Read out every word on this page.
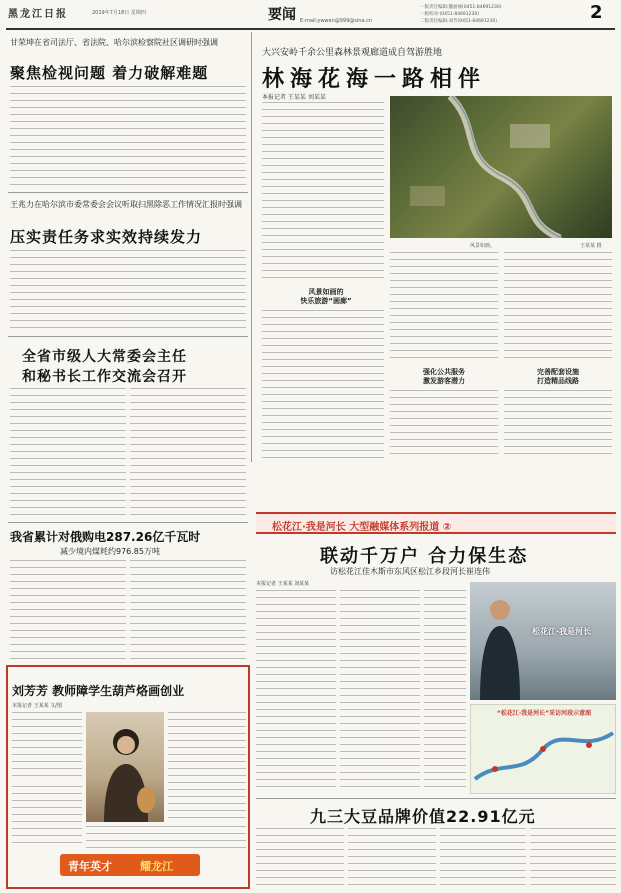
黑龙江日报	2019年7月18日 星期四	要闻	一版责任编辑:魏丽丽(0451-84691230)
一版校对:(0451-84691230)
E-mail:ywwen@999@sina.cn	二版责任编辑:刘芳(0451-84691230)	2
甘荣坤在省司法厅、省法院、哈尔滨检察院社区调研时强调
聚焦检视问题 着力破解难题
王兆力在哈尔滨市委常委会会议听取扫黑除恶工作情况汇报时强调
压实责任务求实效持续发力
全省市级人大常委会主任
和秘书长工作交流会召开
大兴安岭千余公里森林景观廊道成自驾游胜地
林海花海一路相伴
本报记者 王某某 刘某某
风景如画。	王某某 摄
风景如画的
快乐旅游“画廊”
强化公共服务
激发游客潜力
完善配套设施
打造精品线路
我省累计对俄购电287.26亿千瓦时
减少境内煤耗约976.85万吨
刘芳芳 教师障学生葫芦烙画创业
本报记者 王某某 文/图
青年英才	耀龙江
松花江·我是河长 大型融媒体系列报道 ②
联动千万户 合力保生态
访松花江佳木斯市东风区松江乡段河长崔连伟
本报记者 王某某 刘某某
松花江·我是河长
“松花江·我是河长”采访河段示意图
九三大豆品牌价值22.91亿元
